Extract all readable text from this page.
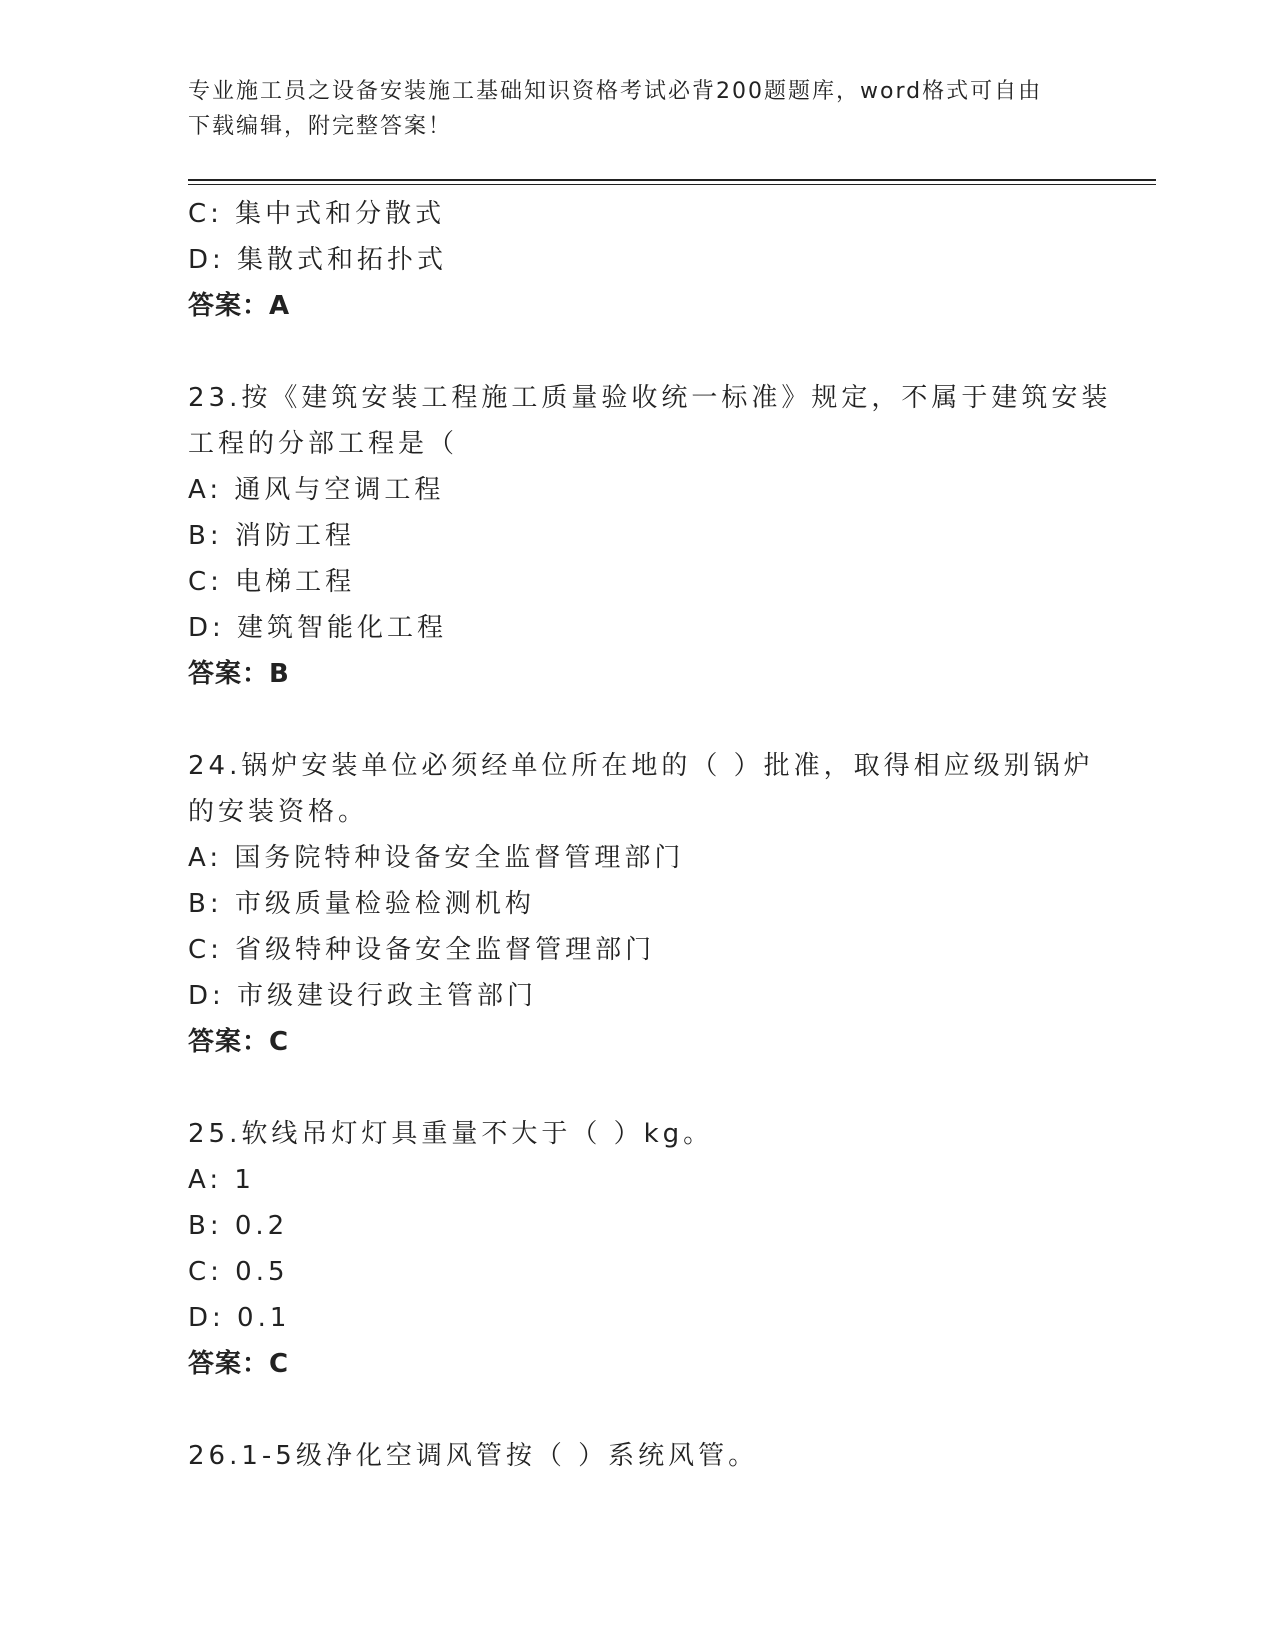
专业施工员之设备安装施工基础知识资格考试必背200题题库，word格式可自由
下载编辑，附完整答案！
C: 集中式和分散式
D: 集散式和拓扑式
答案：A
23.按《建筑安装工程施工质量验收统一标准》规定，不属于建筑安装
工程的分部工程是（
A: 通风与空调工程
B: 消防工程
C: 电梯工程
D: 建筑智能化工程
答案：B
24.锅炉安装单位必须经单位所在地的（ ）批准，取得相应级别锅炉
的安装资格。
A: 国务院特种设备安全监督管理部门
B: 市级质量检验检测机构
C: 省级特种设备安全监督管理部门
D: 市级建设行政主管部门
答案：C
25.软线吊灯灯具重量不大于（ ）kg。
A: 1
B: 0.2
C: 0.5
D: 0.1
答案：C
26.1-5级净化空调风管按（ ）系统风管。
